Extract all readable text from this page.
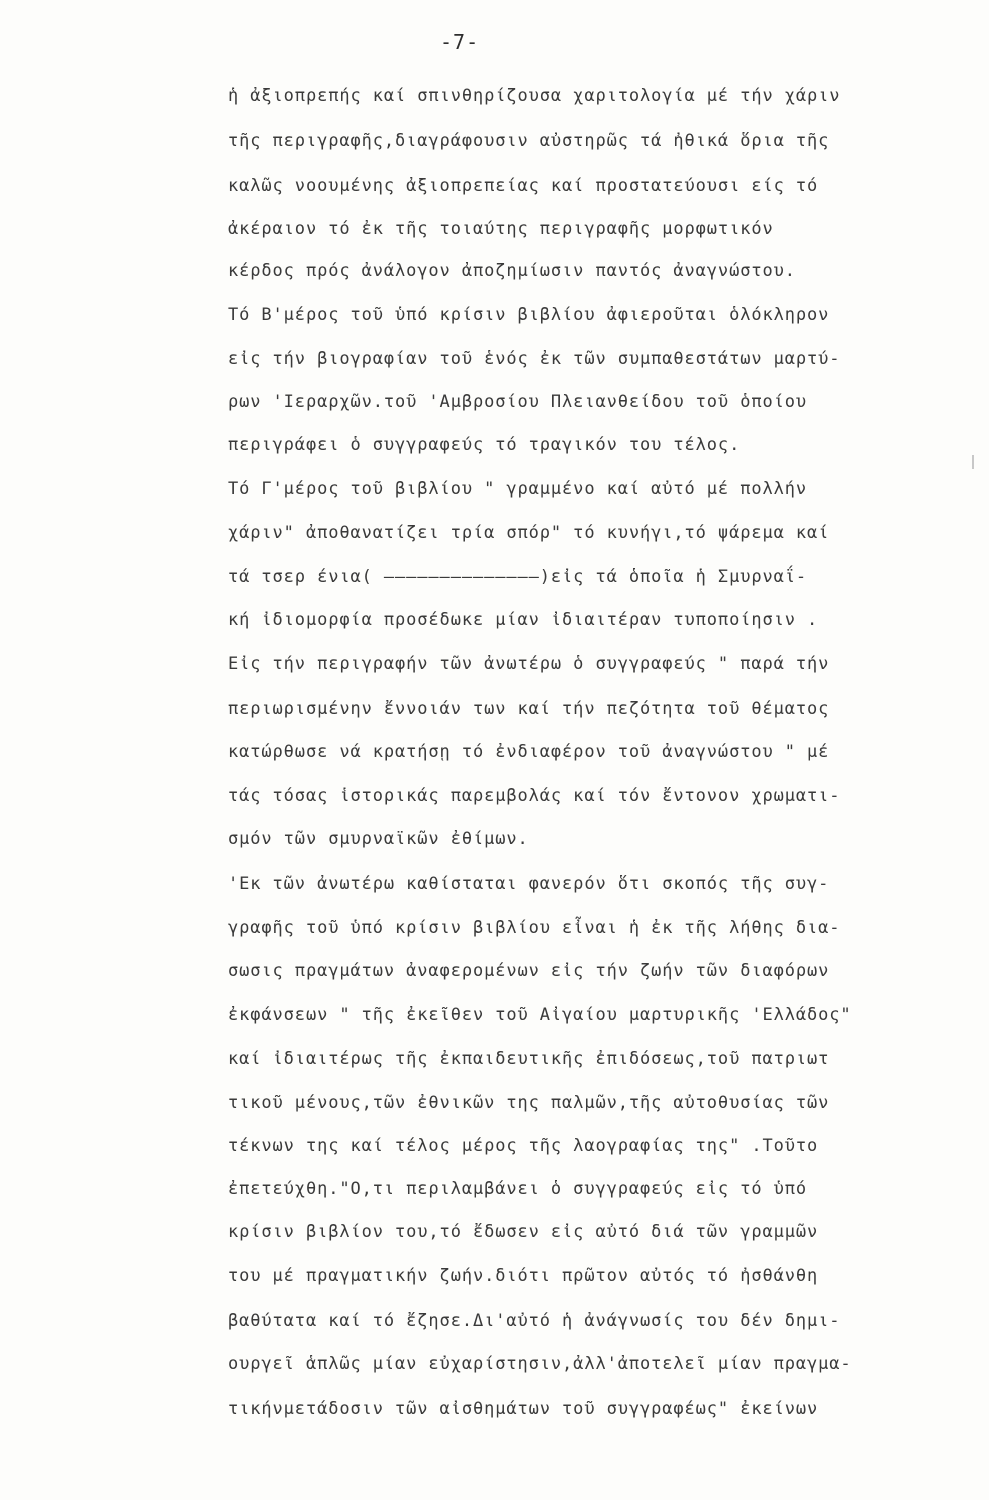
-7-
ἡ ἀξιοπρεπής καί σπινθηρίζουσα χαριτολογία μέ τήν χάριν
τῆς περιγραφῆς,διαγράφουσιν αὐστηρῶς τά ἠθικά ὅρια τῆς
καλῶς νοουμένης ἀξιοπρεπείας καί προστατεύουσι είς τό
ἀκέραιον τό ἐκ τῆς τοιαύτης περιγραφῆς μορφωτικόν
κέρδος πρός ἀνάλογον ἀποζημίωσιν παντός ἀναγνώστου.
Τό Β'μέρος τοῦ ὑπό κρίσιν βιβλίου ἀφιεροῦται ὁλόκληρον
εἰς τήν βιογραφίαν τοῦ ἑνός ἐκ τῶν συμπαθεστάτων μαρτύ-
ρων 'Ιεραρχῶν.τοῦ 'Αμβροσίου Πλειανθείδου τοῦ ὁποίου
περιγράφει ὁ συγγραφεύς τό τραγικόν του τέλος.
Τό Γ'μέρος τοῦ βιβλίου " γραμμένο καί αὐτό μέ πολλήν
χάριν" ἀποθανατίζει τρία σπόρ" τό κυνήγι,τό ψάρεμα καί
τά τσερ ένια( ——————————————)εἰς τά ὁποῖα ἡ Σμυρναΐ-
κή ἰδιομορφία προσέδωκε μίαν ἰδιαιτέραν τυποποίησιν .
Εἰς τήν περιγραφήν τῶν ἀνωτέρω ὁ συγγραφεύς " παρά τήν
περιωρισμένην ἔννοιάν των καί τήν πεζότητα τοῦ θέματος
κατώρθωσε νά κρατήσῃ τό ἐνδιαφέρον τοῦ ἀναγνώστου " μέ
τάς τόσας ἱστορικάς παρεμβολάς καί τόν ἔντονον χρωματι-
σμόν τῶν σμυρναϊκῶν ἐθίμων.
'Εκ τῶν ἀνωτέρω καθίσταται φανερόν ὅτι σκοπός τῆς συγ-
γραφῆς τοῦ ὑπό κρίσιν βιβλίου εἶναι ἡ ἐκ τῆς λήθης δια-
σωσις πραγμάτων ἀναφερομένων εἰς τήν ζωήν τῶν διαφόρων
ἐκφάνσεων " τῆς ἐκεῖθεν τοῦ Αἰγαίου μαρτυρικῆς 'Ελλάδος"
καί ἰδιαιτέρως τῆς ἐκπαιδευτικῆς ἐπιδόσεως,τοῦ πατριωτ
τικοῦ μένους,τῶν ἐθνικῶν της παλμῶν,τῆς αὐτοθυσίας τῶν
τέκνων της καί τέλος μέρος τῆς λαογραφίας της" .Τοῦτο
ἐπετεύχθη."Ο,τι περιλαμβάνει ὁ συγγραφεύς εἰς τό ὑπό
κρίσιν βιβλίον του,τό ἔδωσεν εἰς αὐτό διά τῶν γραμμῶν
του μέ πραγματικήν ζωήν.διότι πρῶτον αὐτός τό ἠσθάνθη
βαθύτατα καί τό ἔζησε.Δι'αὐτό ἡ ἀνάγνωσίς του δέν δημι-
ουργεῖ ἁπλῶς μίαν εὐχαρίστησιν,ἀλλ'ἀποτελεῖ μίαν πραγμα-
τικήνμετάδοσιν τῶν αἰσθημάτων τοῦ συγγραφέως" ἐκείνων
